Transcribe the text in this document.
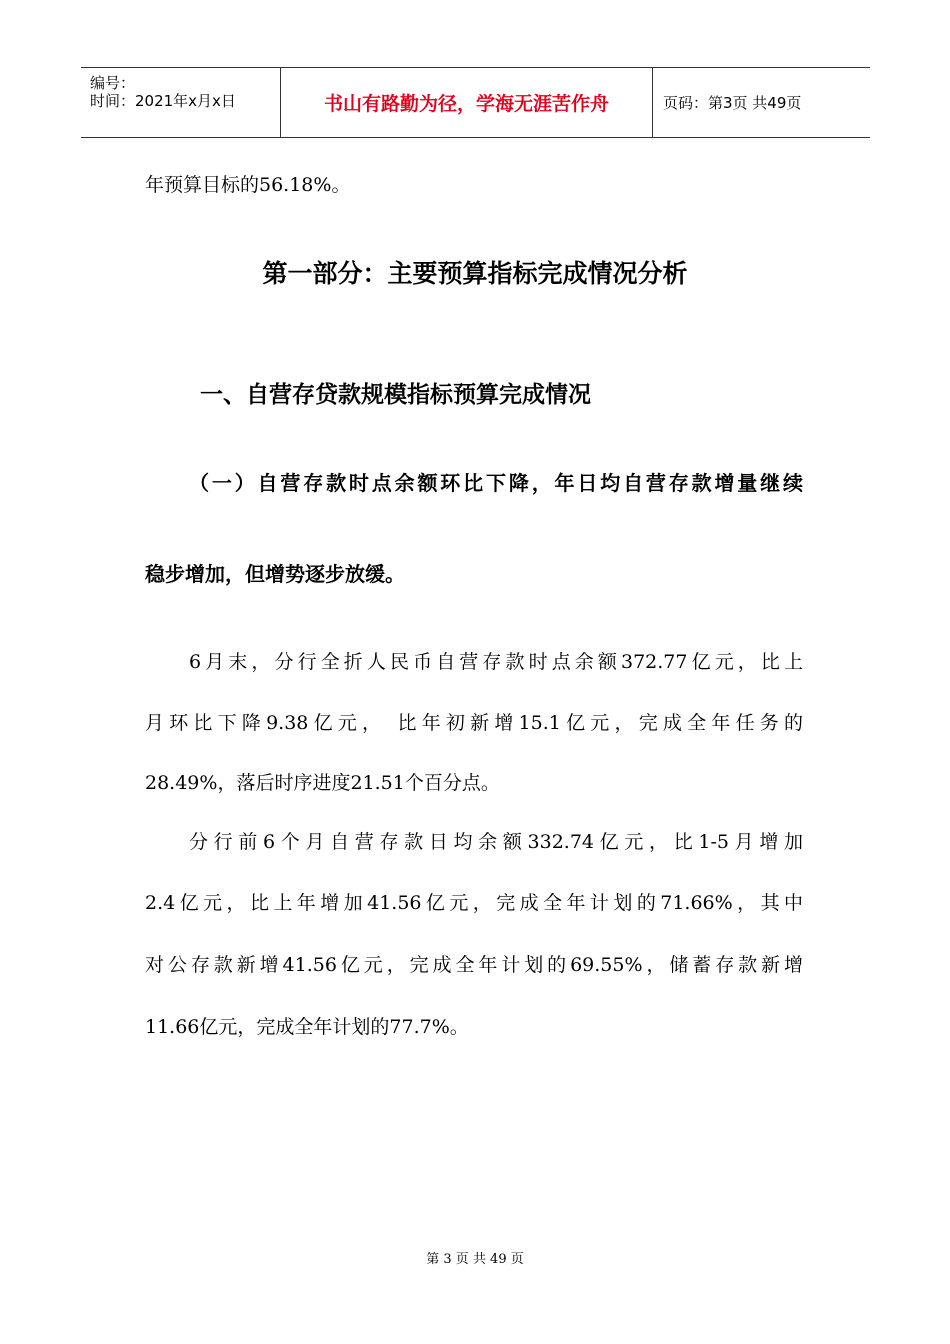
编号：
时间：2021年x月x日	书山有路勤为径，学海无涯苦作舟	页码：第3页 共49页
年预算目标的56.18%。
第一部分：主要预算指标完成情况分析
一、自营存贷款规模指标预算完成情况
（一）自营存款时点余额环比下降，年日均自营存款增量继续
稳步增加，但增势逐步放缓。
6月末，分行全折人民币自营存款时点余额372.77亿元，比上
月环比下降9.38亿元， 比年初新增15.1亿元，完成全年任务的
28.49%，落后时序进度21.51个百分点。
分行前6个月自营存款日均余额332.74亿元，比1-5月增加
2.4亿元，比上年增加41.56亿元，完成全年计划的71.66%，其中
对公存款新增41.56亿元，完成全年计划的69.55%，储蓄存款新增
11.66亿元，完成全年计划的77.7%。
第 3 页 共 49 页
